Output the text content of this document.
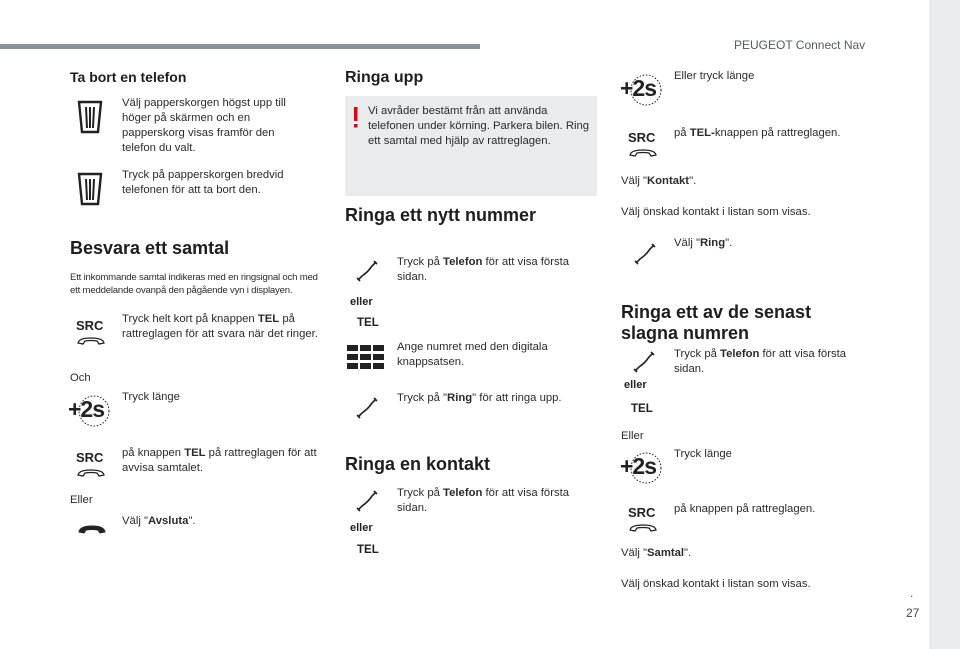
PEUGEOT Connect Nav
.
27
Ta bort en telefon
Välj papperskorgen högst upp till höger på skärmen och en papperskorg visas framför den telefon du valt.
Tryck på papperskorgen bredvid telefonen för att ta bort den.
Besvara ett samtal
Ett inkommande samtal indikeras med en ringsignal och med ett meddelande ovanpå den pågående vyn i displayen.
SRC Tryck helt kort på knappen TEL på rattreglagen för att svara när det ringer.
Och
+2s Tryck länge
SRC på knappen TEL på rattreglagen för att avvisa samtalet.
Eller
Välj "Avsluta".
Ringa upp
Vi avråder bestämt från att använda telefonen under körning. Parkera bilen. Ring ett samtal med hjälp av rattreglagen.
Ringa ett nytt nummer
eller
TEL
Tryck på Telefon för att visa första sidan.
Ange numret med den digitala knappsatsen.
Tryck på "Ring" för att ringa upp.
Ringa en kontakt
eller
TEL
Tryck på Telefon för att visa första sidan.
+2s Eller tryck länge
SRC på TEL-knappen på rattreglagen.
Välj "Kontakt".
Välj önskad kontakt i listan som visas.
Välj "Ring".
Ringa ett av de senast slagna numren
eller
TEL
Tryck på Telefon för att visa första sidan.
Eller
+2s Tryck länge
SRC på knappen på rattreglagen.
Välj "Samtal".
Välj önskad kontakt i listan som visas.
